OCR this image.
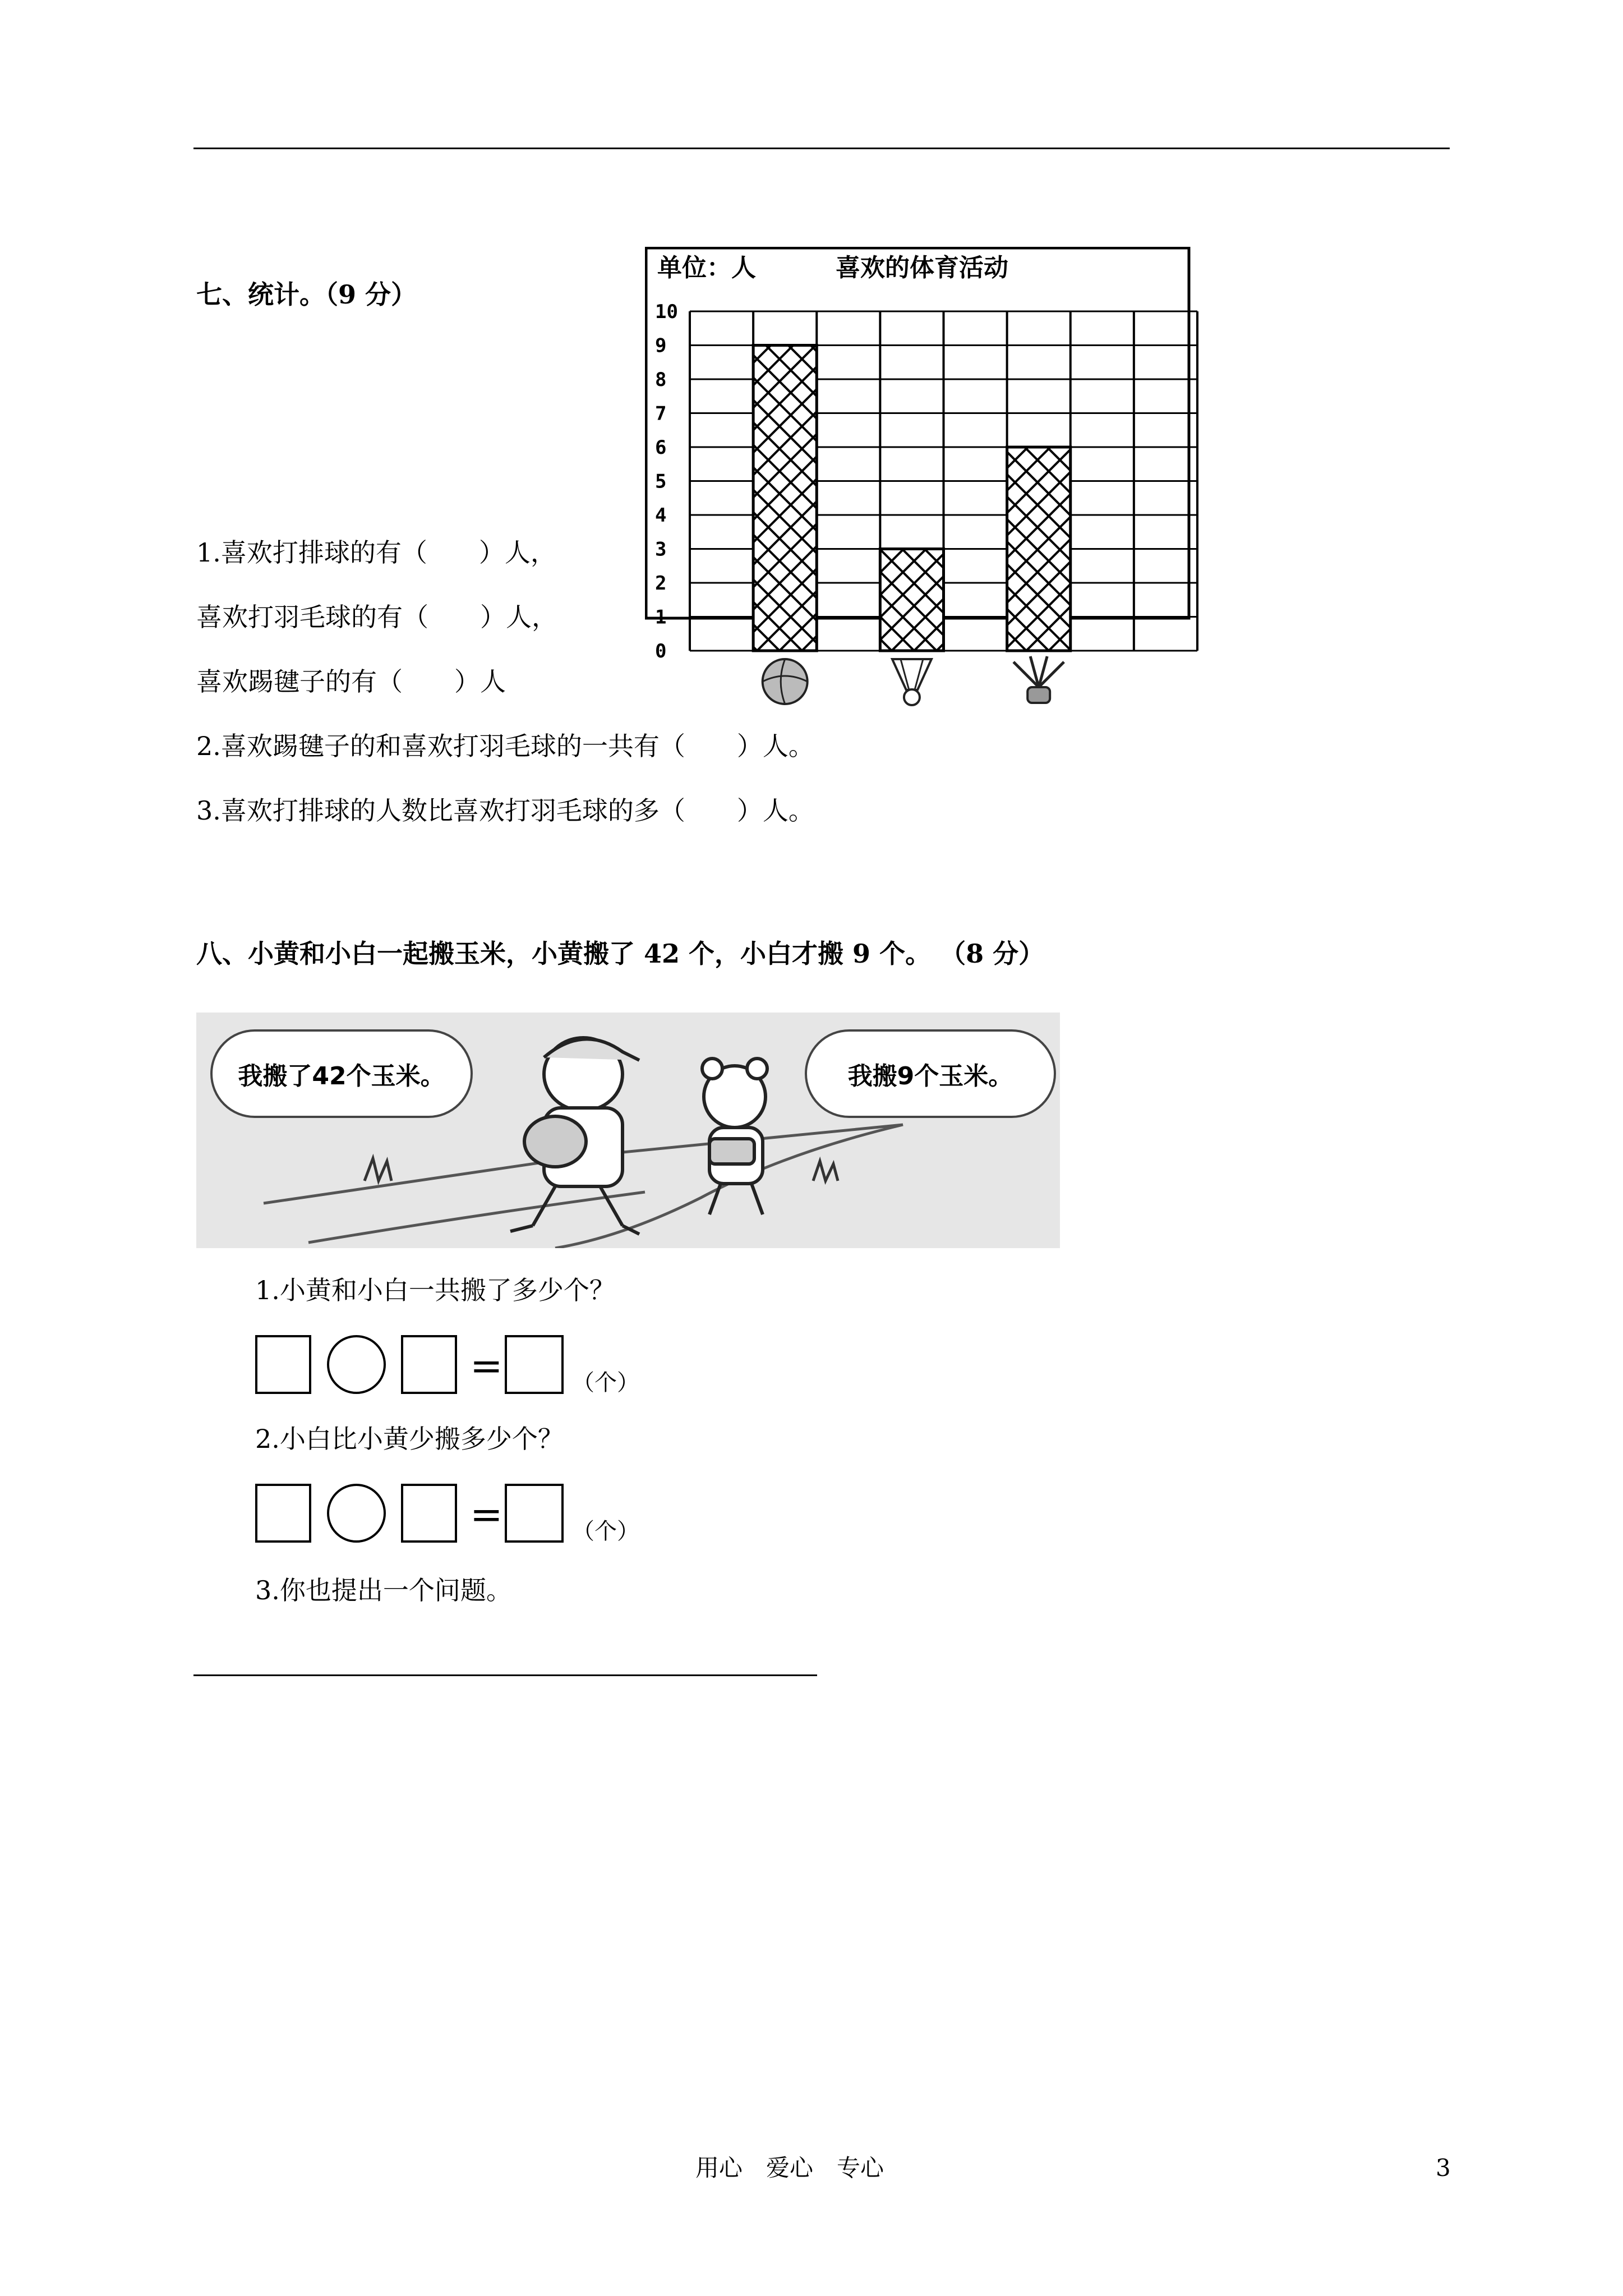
七、统计。（9 分）
单位：人	喜欢的体育活动
0
1
2
3
4
5
6
7
8
9
10
1.喜欢打排球的有（　　）人，
喜欢打羽毛球的有（　　）人，
喜欢踢毽子的有（　　）人
2.喜欢踢毽子的和喜欢打羽毛球的一共有（　　）人。
3.喜欢打排球的人数比喜欢打羽毛球的多（　　）人。
八、小黄和小白一起搬玉米，小黄搬了 42 个，小白才搬 9 个。 （8 分）
我搬了42个玉米。	我搬9个玉米。
1.小黄和小白一共搬了多少个？
=	（个）
2.小白比小黄少搬多少个？
=	（个）
3.你也提出一个问题。
用心　爱心　专心	3
